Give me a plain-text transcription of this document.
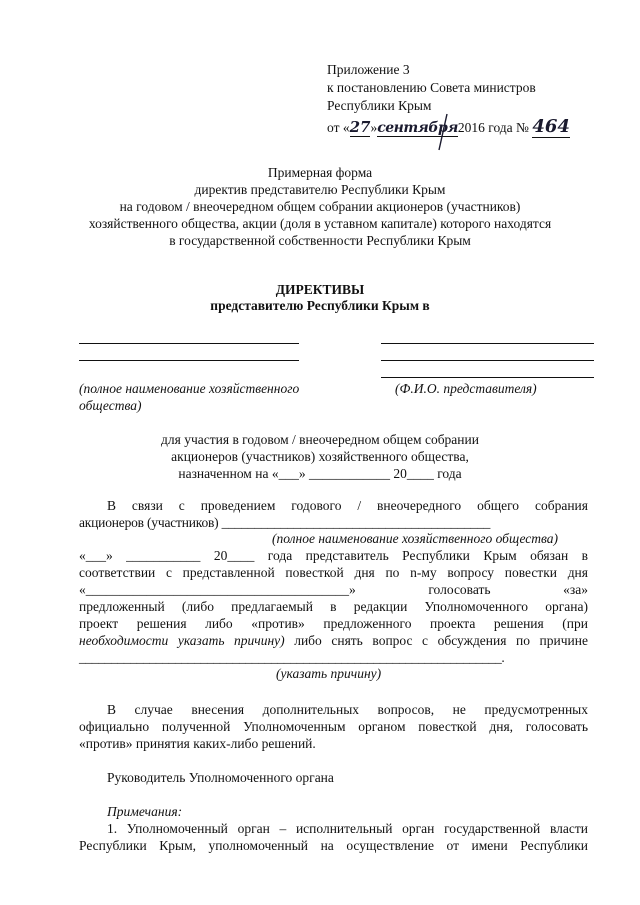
Приложение 3
к постановлению Совета министров
Республики Крым
от «27»сентября2016 года № 464
Примерная форма
директив представителю Республики Крым
на годовом / внеочередном общем собрании акционеров (участников)
хозяйственного общества, акции (доля в уставном капитале) которого находятся
в государственной собственности Республики Крым
ДИРЕКТИВЫ
представителю Республики Крым в
(полное наименование хозяйственного
общества)
(Ф.И.О. представителя)
для участия в годовом / внеочередном общем собрании
акционеров (участников) хозяйственного общества,
назначенном на «___» ____________ 20____ года
В связи с проведением годового / внеочередного общего собрания
акционеров (участников) _________________________________________
(полное наименование хозяйственного общества)
«___» ___________ 20____ года представитель Республики Крым обязан в
соответствии с представленной повесткой дня по n-му вопросу повестки дня
«_______________________________________» голосовать «за»
предложенный (либо предлагаемый в редакции Уполномоченного органа)
проект решения либо «против» предложенного проекта решения (при
необходимости указать причину) либо снять вопрос с обсуждения по причине
__________________________________________________________________.
(указать причину)
В случае внесения дополнительных вопросов, не предусмотренных
официально полученной Уполномоченным органом повесткой дня, голосовать
«против» принятия каких-либо решений.
Руководитель Уполномоченного органа
Примечания:
1. Уполномоченный орган – исполнительный орган государственной власти
Республики Крым, уполномоченный на осуществление от имени Республики
